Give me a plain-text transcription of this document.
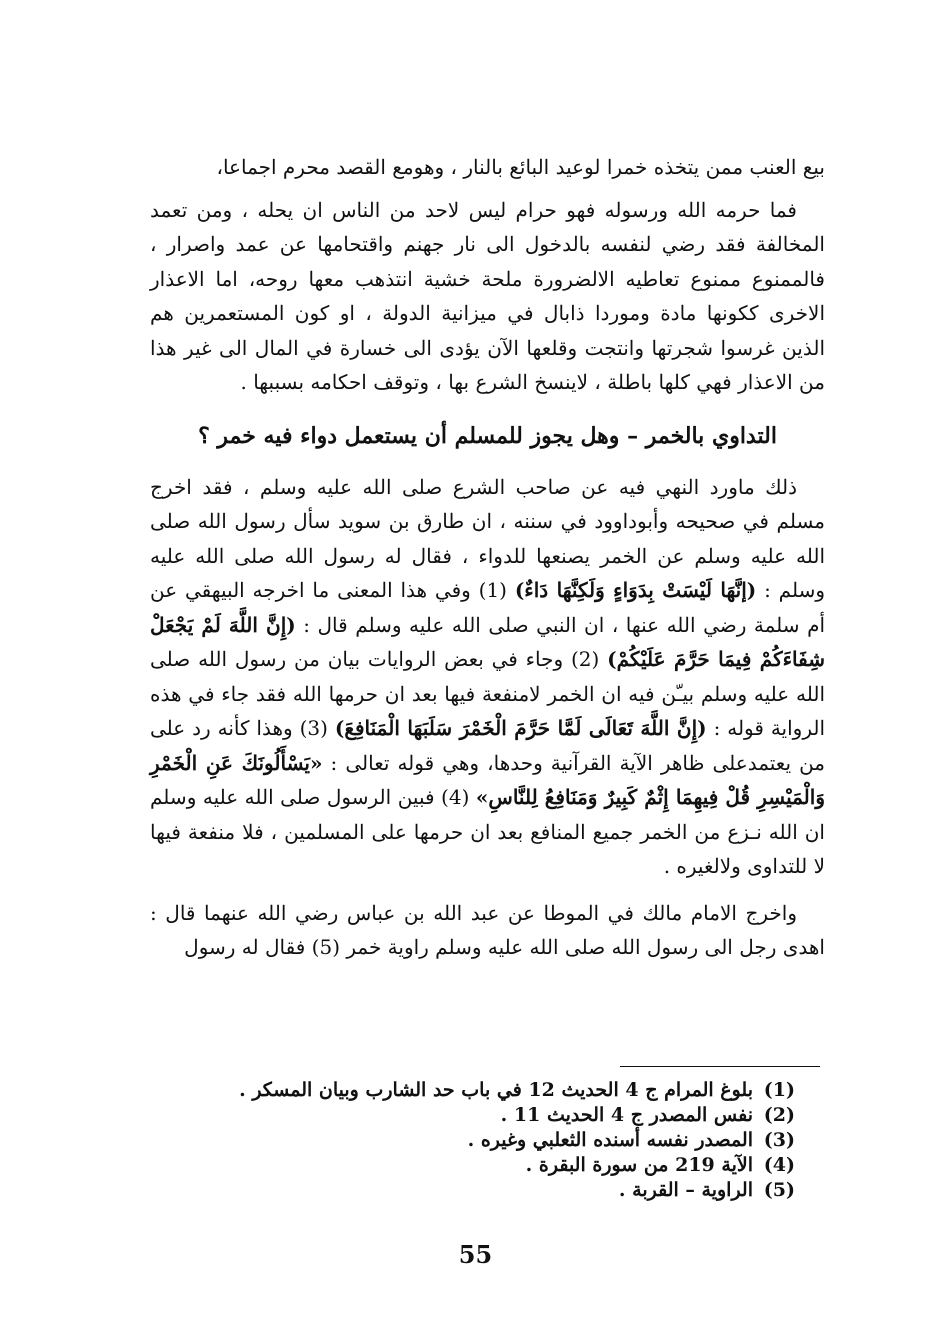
بيع العنب ممن يتخذه خمرا لوعيد البائع بالنار ، وهومع القصد محرم اجماعا،

فما حرمه الله ورسوله فهو حرام ليس لاحد من الناس ان يحله ، ومن تعمد المخالفة فقد رضي لنفسه بالدخول الى نار جهنم واقتحامها عن عمد واصرار ، فالممنوع ممنوع تعاطيه الالضرورة ملحة خشية انتذهب معها روحه، اما الاعذار الاخرى ككونها مادة وموردا ذابال في ميزانية الدولة ، او كون المستعمرين هم الذين غرسوا شجرتها وانتجت وقلعها الآن يؤدى الى خسارة في المال الى غير هذا من الاعذار فهي كلها باطلة ، لاينسخ الشرع بها ، وتوقف احكامه بسببها .

التداوي بالخمر – وهل يجوز للمسلم أن يستعمل دواء فيه خمر ؟

ذلك ماورد النهي فيه عن صاحب الشرع صلى الله عليه وسلم ، فقد اخرج مسلم في صحيحه وأبوداوود في سننه ، ان طارق بن سويد سأل رسول الله صلى الله عليه وسلم عن الخمر يصنعها للدواء ، فقال له رسول الله صلى الله عليه وسلم : (إنَّهَا لَيْسَتْ بِدَوَاءٍ وَلَكِنَّهَا دَاءٌ) (1) وفي هذا المعنى ما اخرجه البيهقي عن أم سلمة رضي الله عنها ، ان النبي صلى الله عليه وسلم قال : (إِنَّ اللَّهَ لَمْ يَجْعَلْ شِفَاءَكُمْ فِيمَا حَرَّمَ عَلَيْكُمْ) (2) وجاء في بعض الروايات بيان من رسول الله صلى الله عليه وسلم بيـّن فيه ان الخمر لامنفعة فيها بعد ان حرمها الله فقد جاء في هذه الرواية قوله : (إِنَّ اللَّهَ تَعَالَى لَمَّا حَرَّمَ الْخَمْرَ سَلَبَهَا الْمَنَافِعَ) (3) وهذا كأنه رد على من يعتمدعلى ظاهر الآية القرآنية وحدها، وهي قوله تعالى : «يَسْأَلُونَكَ عَنِ الْخَمْرِ وَالْمَيْسِرِ قُلْ فِيهِمَا إِثْمٌ كَبِيرٌ وَمَنَافِعُ لِلنَّاسِ» (4) فبين الرسول صلى الله عليه وسلم ان الله نـزع من الخمر جميع المنافع بعد ان حرمها على المسلمين ، فلا منفعة فيها لا للتداوى ولالغيره .

واخرج الامام مالك في الموطا عن عبد الله بن عباس رضي الله عنهما قال : اهدى رجل الى رسول الله صلى الله عليه وسلم راوية خمر (5) فقال له رسول

(1)
بلوغ المرام ج 4 الحديث 12 في باب حد الشارب وبيان المسكر .
(2)
نفس المصدر ج 4 الحديث 11 .
(3)
المصدر نفسه أسنده الثعلبي وغيره .
(4)
الآية 219 من سورة البقرة .
(5)
الراوية – القربة .
55
